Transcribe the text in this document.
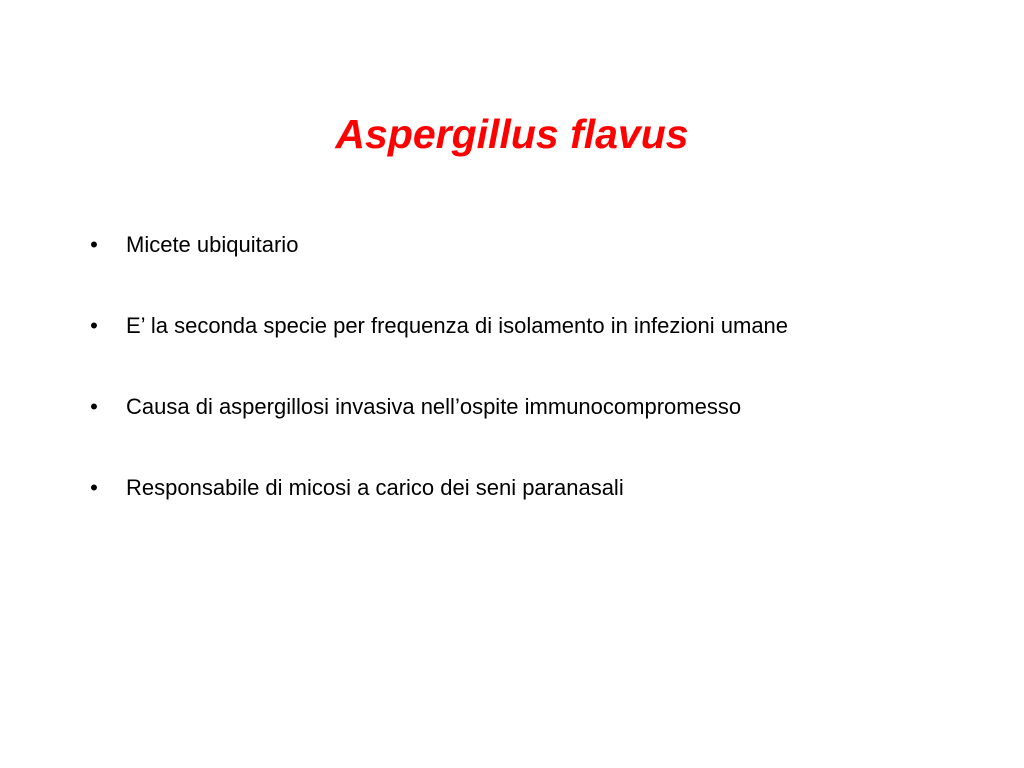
Aspergillus flavus
• Micete ubiquitario
• E’ la seconda specie per frequenza di isolamento in infezioni umane
• Causa di aspergillosi invasiva nell’ospite immunocompromesso
• Responsabile di micosi a carico dei seni paranasali
